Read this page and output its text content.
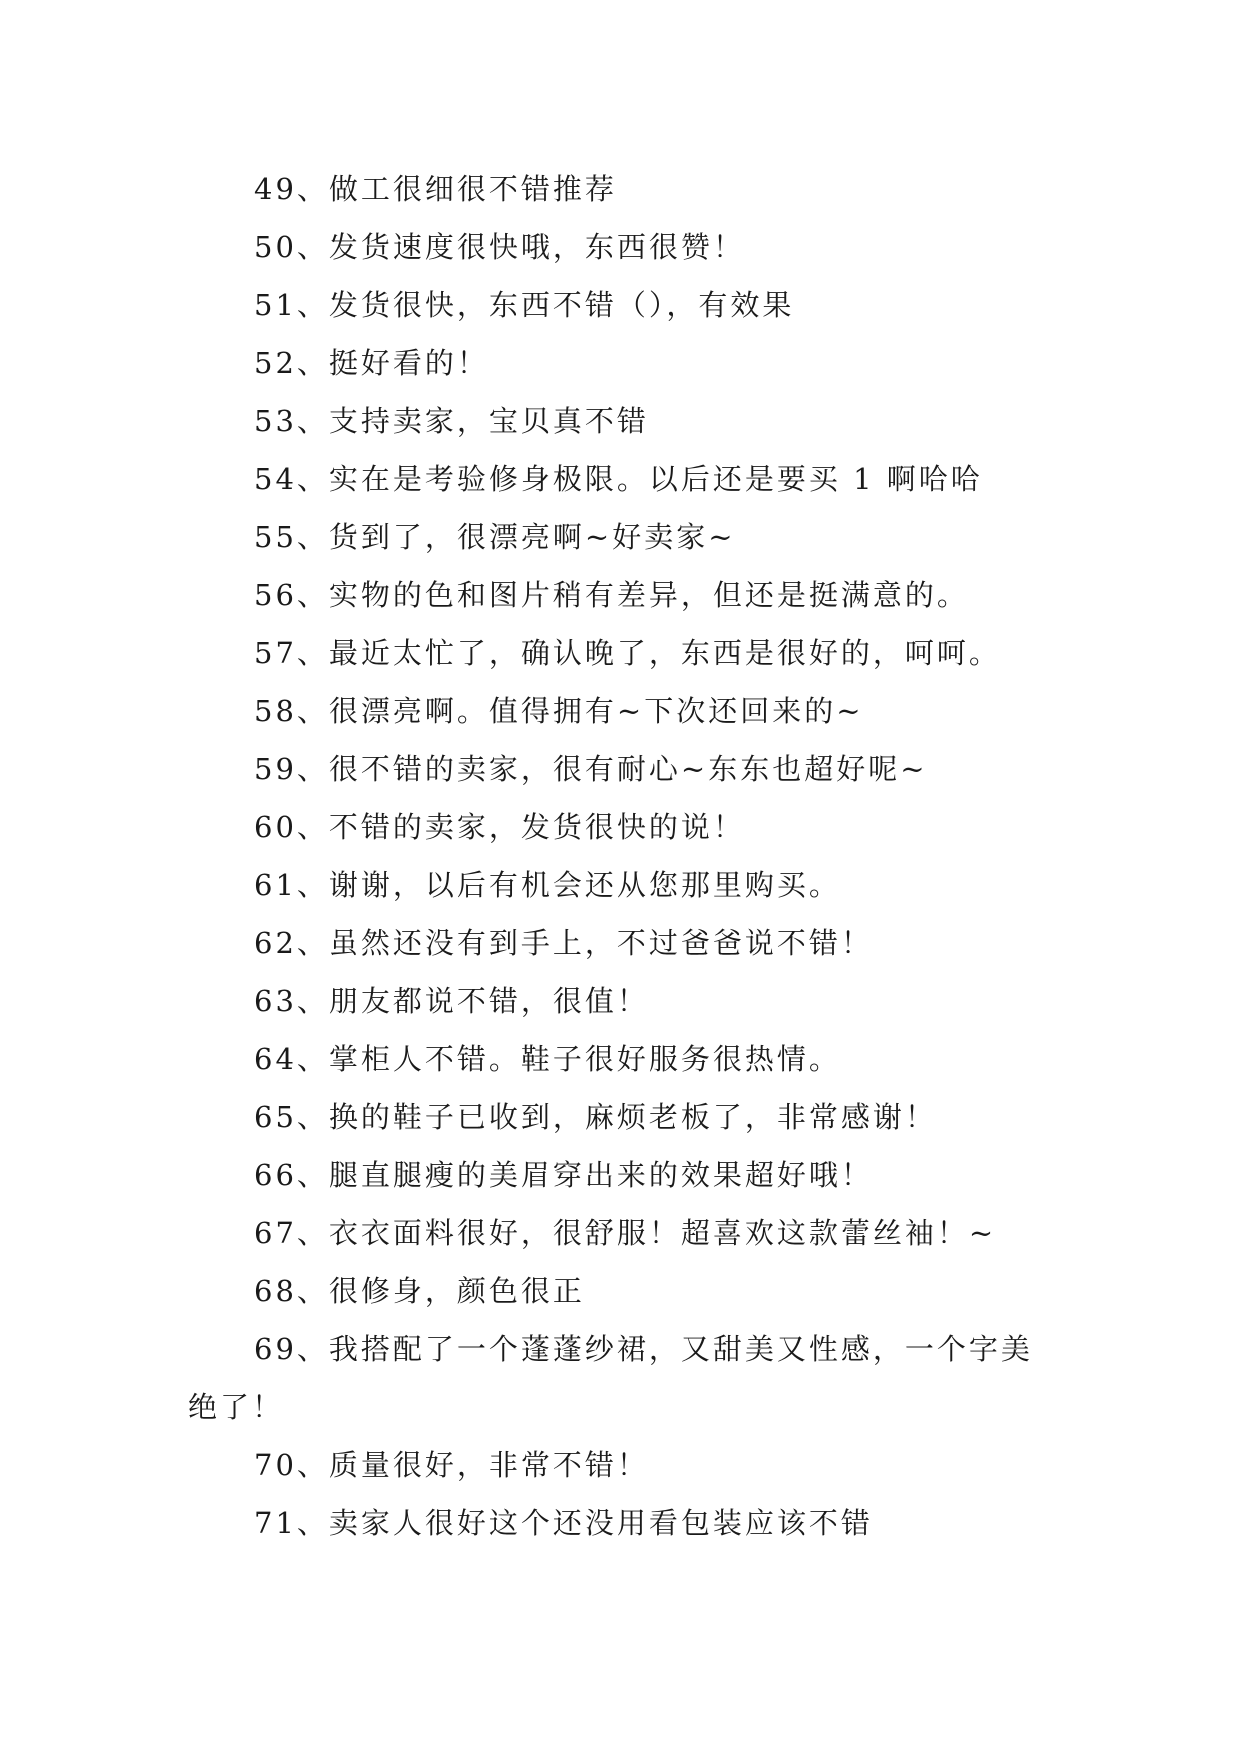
49、做工很细很不错推荐
50、发货速度很快哦，东西很赞！
51、发货很快，东西不错（），有效果
52、挺好看的！
53、支持卖家，宝贝真不错
54、实在是考验修身极限。以后还是要买 1 啊哈哈
55、货到了，很漂亮啊~好卖家~
56、实物的色和图片稍有差异，但还是挺满意的。
57、最近太忙了，确认晚了，东西是很好的，呵呵。
58、很漂亮啊。值得拥有~下次还回来的~
59、很不错的卖家，很有耐心~东东也超好呢~
60、不错的卖家，发货很快的说！
61、谢谢，以后有机会还从您那里购买。
62、虽然还没有到手上，不过爸爸说不错！
63、朋友都说不错，很值！
64、掌柜人不错。鞋子很好服务很热情。
65、换的鞋子已收到，麻烦老板了，非常感谢！
66、腿直腿瘦的美眉穿出来的效果超好哦！
67、衣衣面料很好，很舒服！超喜欢这款蕾丝袖！~
68、很修身，颜色很正
69、我搭配了一个蓬蓬纱裙，又甜美又性感，一个字美
绝了！
70、质量很好，非常不错！
71、卖家人很好这个还没用看包装应该不错
